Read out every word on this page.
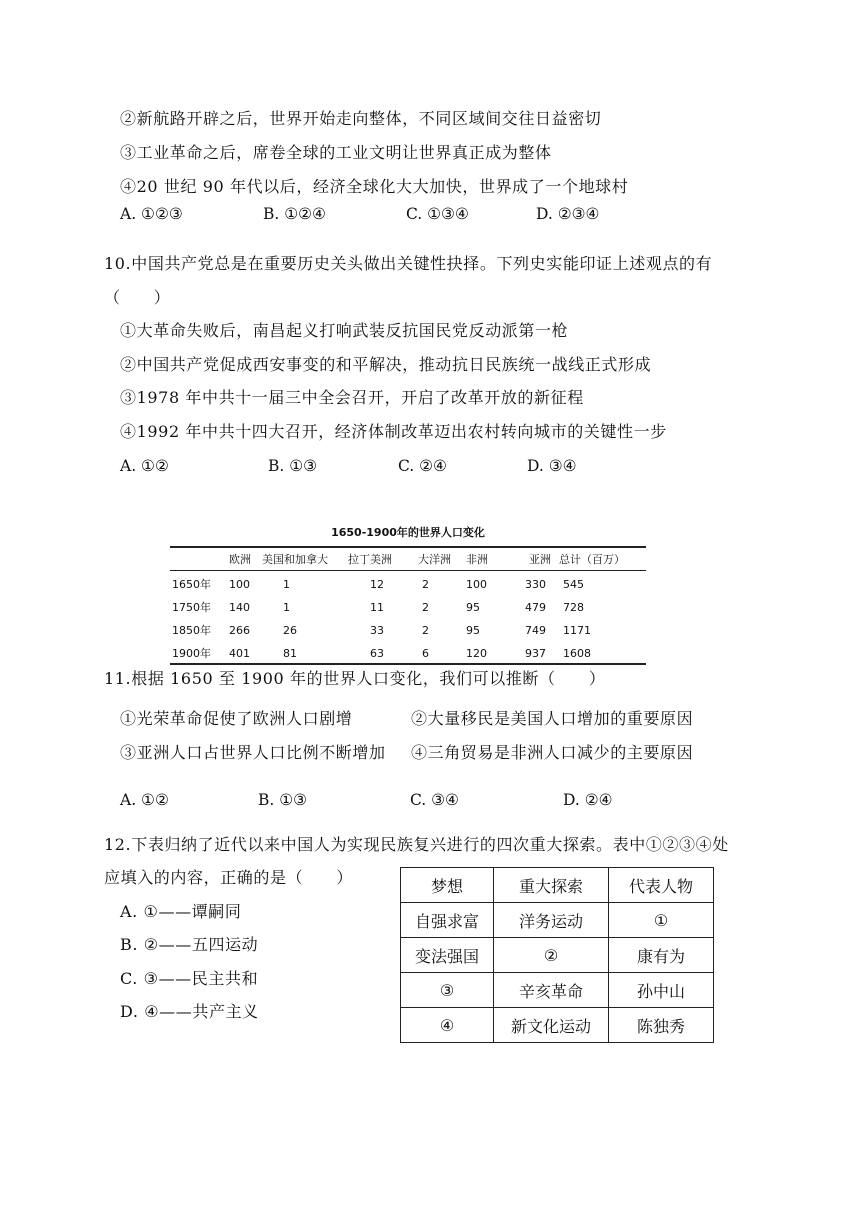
②新航路开辟之后，世界开始走向整体，不同区域间交往日益密切
③工业革命之后，席卷全球的工业文明让世界真正成为整体
④20 世纪 90 年代以后，经济全球化大大加快，世界成了一个地球村
A. ①②③	B. ①②④	C. ①③④	D. ②③④
10.中国共产党总是在重要历史关头做出关键性抉择。下列史实能印证上述观点的有
（　　）
①大革命失败后，南昌起义打响武装反抗国民党反动派第一枪
②中国共产党促成西安事变的和平解决，推动抗日民族统一战线正式形成
③1978 年中共十一届三中全会召开，开启了改革开放的新征程
④1992 年中共十四大召开，经济体制改革迈出农村转向城市的关键性一步
A. ①②	B. ①③	C. ②④	D. ③④
1650-1900年的世界人口变化
欧洲 美国和加拿大 拉丁美洲 大洋洲 非洲	亚洲 总计（百万）
1650年 100	1	12	2	100	330 545
1750年 140	1	11	2	95	479 728
1850年 266	26	33	2	95	749 1171
1900年 401	81	63	6	120	937 1608
11.根据 1650 至 1900 年的世界人口变化，我们可以推断（　　）
①光荣革命促使了欧洲人口剧增	②大量移民是美国人口增加的重要原因
③亚洲人口占世界人口比例不断增加 ④三角贸易是非洲人口减少的主要原因
A. ①②	B. ①③	C. ③④	D. ②④
12.下表归纳了近代以来中国人为实现民族复兴进行的四次重大探索。表中①②③④处
应填入的内容，正确的是（　　）
A. ①——谭嗣同
B. ②——五四运动
C. ③——民主共和
D. ④——共产主义
梦想	重大探索	代表人物
自强求富	洋务运动	①
变法强国	②	康有为
③	辛亥革命	孙中山
④	新文化运动	陈独秀
